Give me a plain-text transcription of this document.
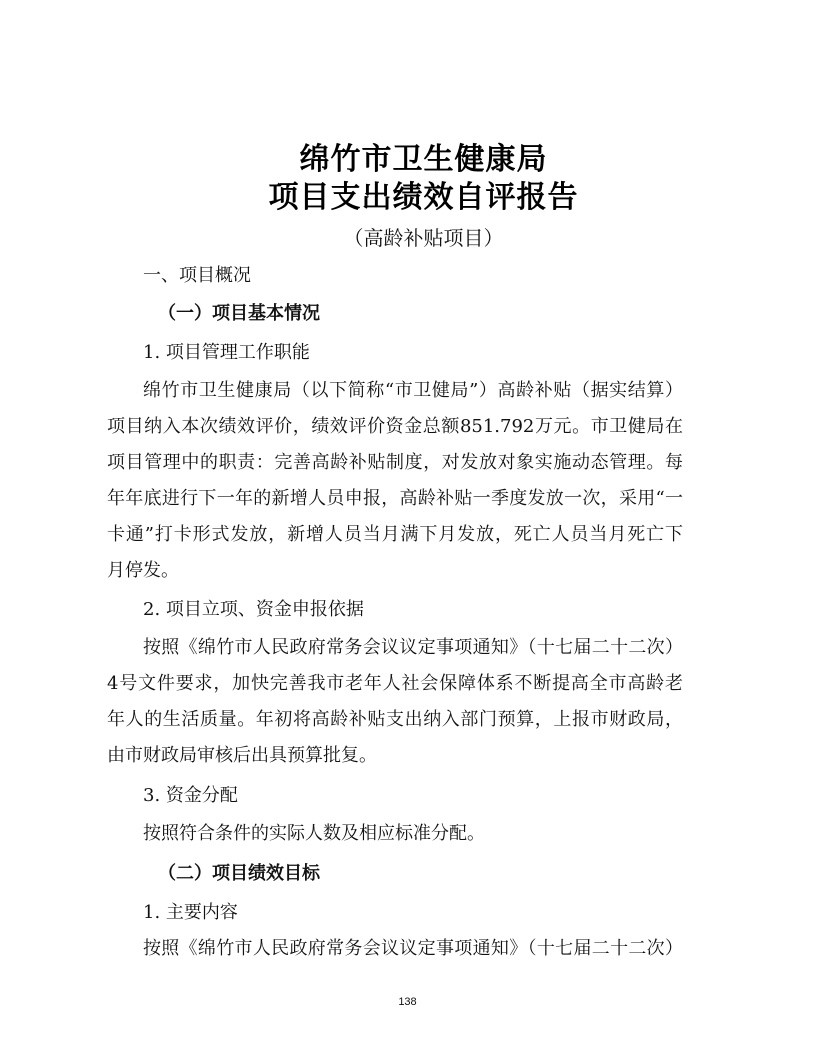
绵竹市卫生健康局
项目支出绩效自评报告
（高龄补贴项目）
一、项目概况
（一）项目基本情况
1. 项目管理工作职能
绵竹市卫生健康局（以下简称“市卫健局”）高龄补贴（据实结算）
项目纳入本次绩效评价，绩效评价资金总额851.792万元。市卫健局在
项目管理中的职责：完善高龄补贴制度，对发放对象实施动态管理。每
年年底进行下一年的新增人员申报，高龄补贴一季度发放一次，采用“一
卡通”打卡形式发放，新增人员当月满下月发放，死亡人员当月死亡下
月停发。
2. 项目立项、资金申报依据
按照《绵竹市人民政府常务会议议定事项通知》（十七届二十二次）
4号文件要求，加快完善我市老年人社会保障体系不断提高全市高龄老
年人的生活质量。年初将高龄补贴支出纳入部门预算，上报市财政局，
由市财政局审核后出具预算批复。
3. 资金分配
按照符合条件的实际人数及相应标准分配。
（二）项目绩效目标
1. 主要内容
按照《绵竹市人民政府常务会议议定事项通知》（十七届二十二次）
138
